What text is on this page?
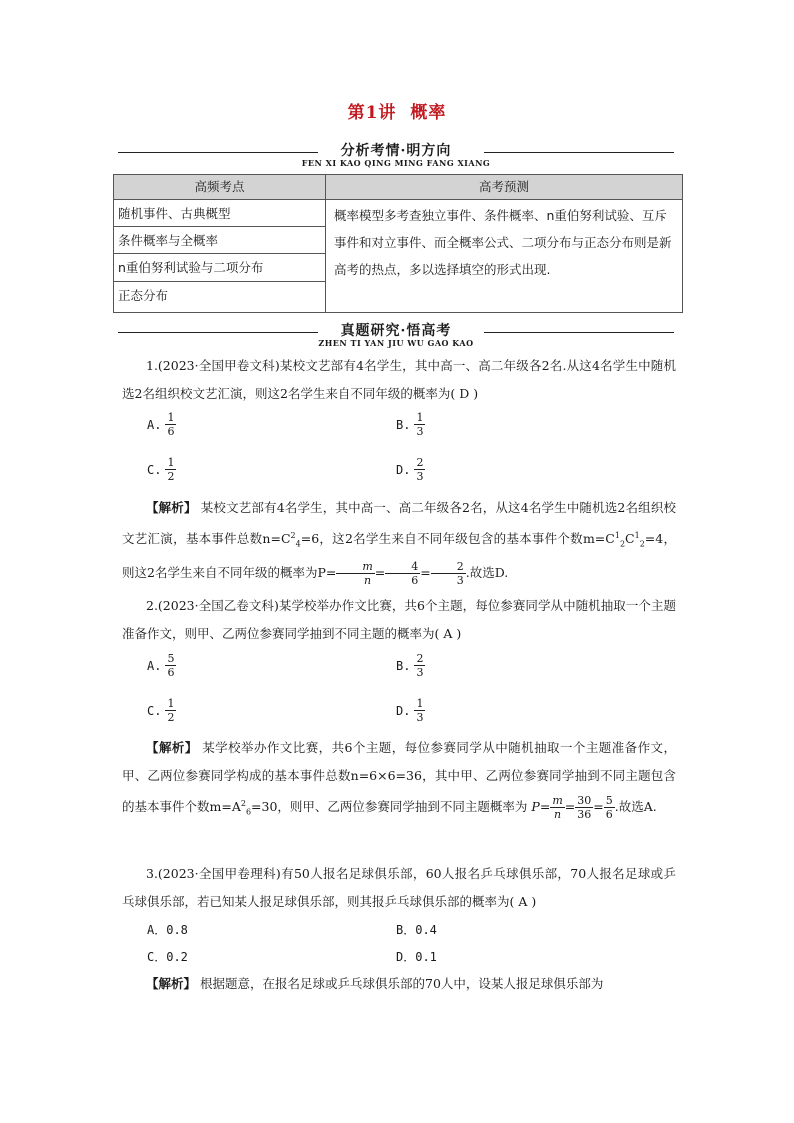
第1讲 概率
分析考情·明方向
FEN XI KAO QING MING FANG XIANG
高频考点	高考预测
随机事件、古典概型
条件概率与全概率
n重伯努利试验与二项分布
正态分布
概率模型多考查独立事件、条件概率、n重伯努利试验、互斥事件和对立事件、而全概率公式、二项分布与正态分布则是新高考的热点，多以选择填空的形式出现.
真题研究·悟高考
ZHEN TI YAN JIU WU GAO KAO
1.(2023·全国甲卷文科)某校文艺部有4名学生，其中高一、高二年级各2名.从这4名学生中随机选2名组织校文艺汇演，则这2名学生来自不同年级的概率为( D )
A. $\frac{1}{6}$	B. $\frac{1}{3}$
C. $\frac{1}{2}$	D. $\frac{2}{3}$
【解析】 某校文艺部有4名学生，其中高一、高二年级各2名，从这4名学生中随机选2名组织校文艺汇演，基本事件总数$n=C^2_4=6$，这2名学生来自不同年级包含的基本事件个数$m=C^1_2C^1_2=4$，则这2名学生来自不同年级的概率为$P= \frac{m}{n} = \frac{4}{6} = \frac{2}{3}$ .故选D.
2.(2023·全国乙卷文科)某学校举办作文比赛，共6个主题，每位参赛同学从中随机抽取一个主题准备作文，则甲、乙两位参赛同学抽到不同主题的概率为( A )
A. $\frac{5}{6}$	B. $\frac{2}{3}$
C. $\frac{1}{2}$	D. $\frac{1}{3}$
【解析】 某学校举办作文比赛，共6个主题，每位参赛同学从中随机抽取一个主题准备作文，甲、乙两位参赛同学构成的基本事件总数n=6×6=36，其中甲、乙两位参赛同学抽到不同主题包含的基本事件个数$m=A^2_6=30$，则甲、乙两位参赛同学抽到不同主题概率为 $P= \frac{m}{n} = \frac{30}{36} = \frac{5}{6}$ .故选A.
3.(2023·全国甲卷理科)有50人报名足球俱乐部，60人报名乒乓球俱乐部，70人报名足球或乒乓球俱乐部，若已知某人报足球俱乐部，则其报乒乓球俱乐部的概率为( A )
A．0.8	B．0.4
C．0.2	D．0.1
【解析】 根据题意，在报名足球或乒乓球俱乐部的70人中，设某人报足球俱乐部为
